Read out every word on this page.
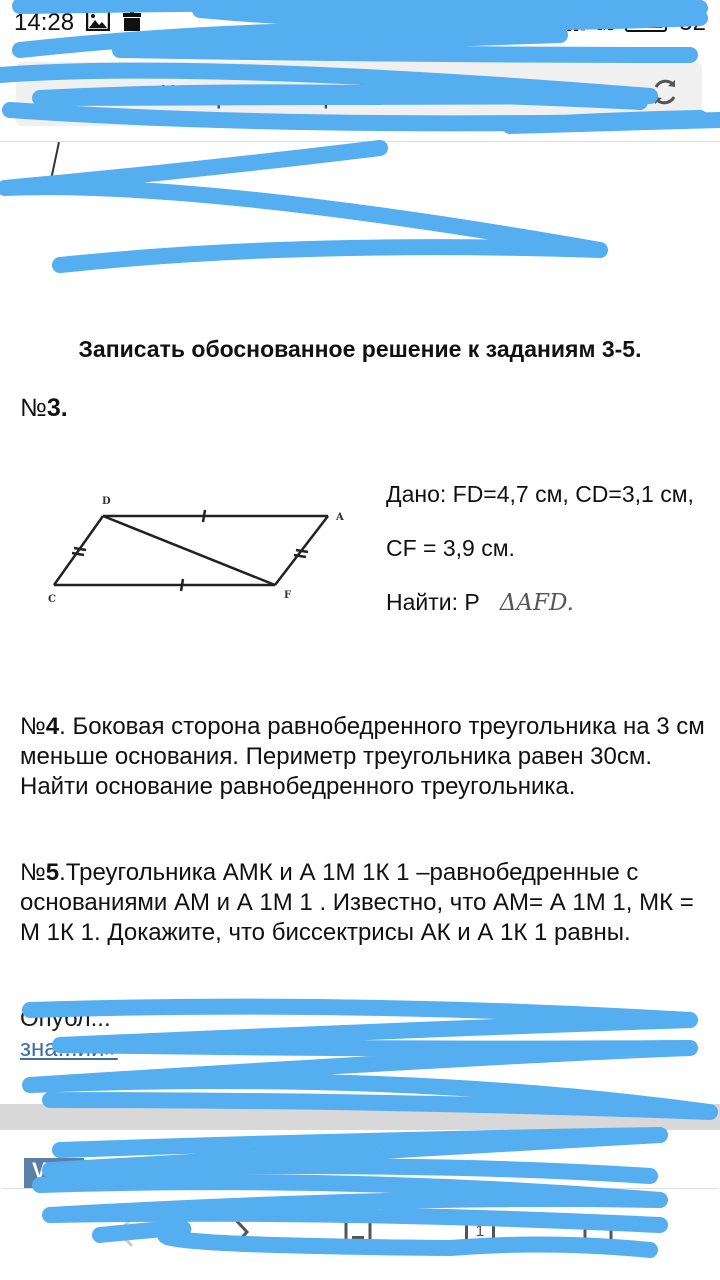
14:28	4G
LTE	52
⌕	Контрольная работа №2 по ге...
Записать обоснованное решение к заданиям 3-5.
№3.
D
A
F
C

Дано: FD=4,7 см, CD=3,1 см,

CF = 3,9 см.

Найти: P ΔAFD.

№4. Боковая сторона равнобедренного треугольника на 3 см меньше основания. Периметр треугольника равен 30см. Найти основание равнобедренного треугольника.
№5.Треугольника АМК и А 1М 1К 1 –равнобедренные с основаниями АМ и А 1М 1 . Известно, что АМ= А 1М 1, МК = М 1К 1. Докажите, что биссектрисы АК и А 1К 1 равны.
Опубл...	...ль
зна...ии»
V
1
